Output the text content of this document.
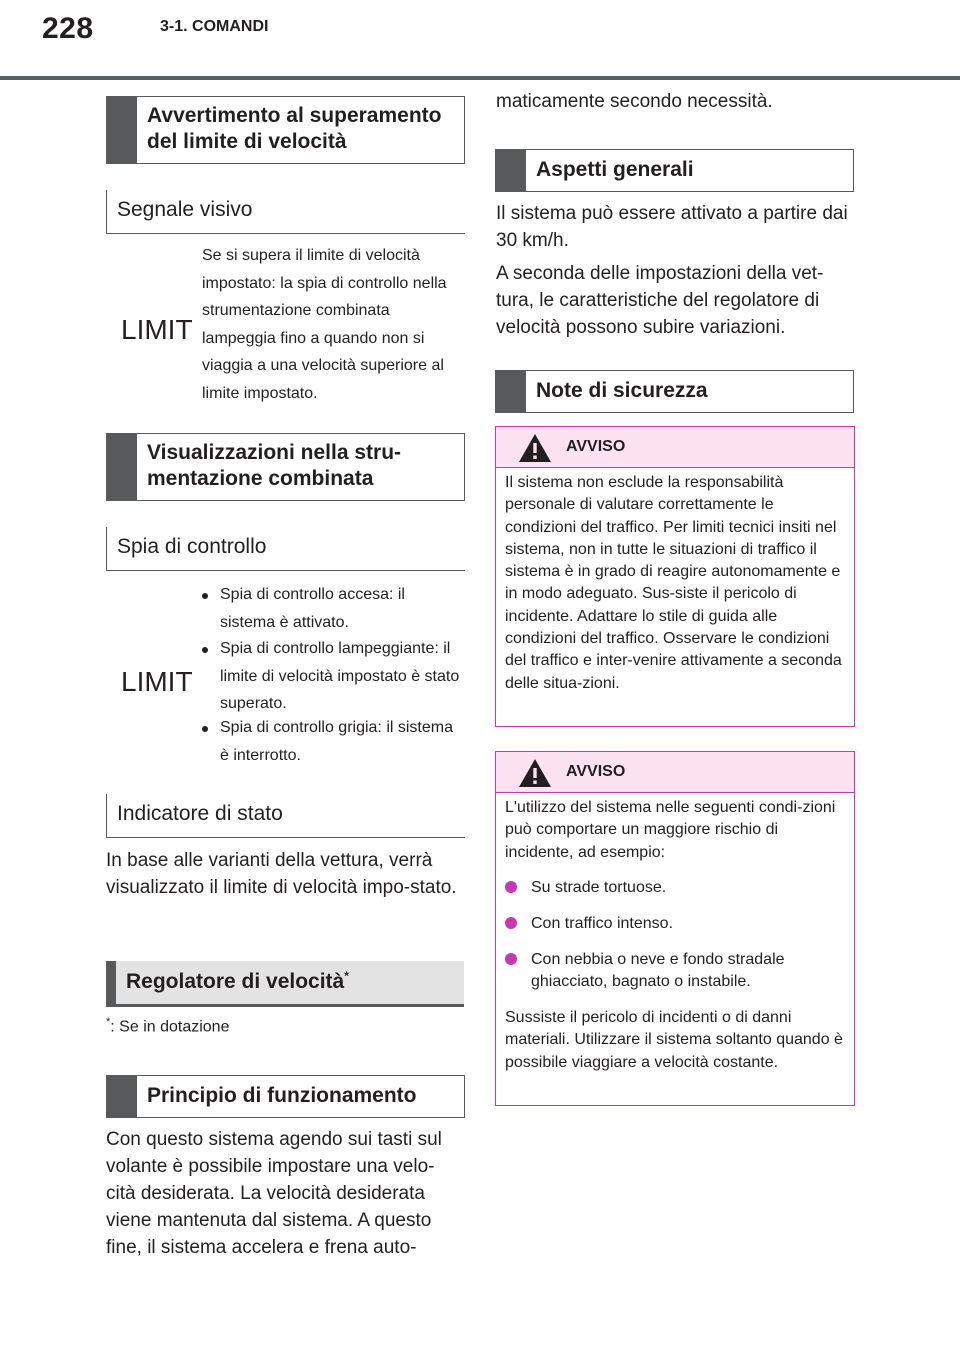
228	3-1. COMANDI
Avvertimento al superamento del limite di velocità
Segnale visivo
LIMIT
Se si supera il limite di velocità impostato: la spia di controllo nella strumentazione combinata lampeggia fino a quando non si viaggia a una velocità superiore al limite impostato.
Visualizzazioni nella stru-mentazione combinata
Spia di controllo
LIMIT
Spia di controllo accesa: il sistema è attivato.
Spia di controllo lampeggiante: il limite di velocità impostato è stato superato.
Spia di controllo grigia: il sistema è interrotto.
Indicatore di stato
In base alle varianti della vettura, verrà visualizzato il limite di velocità impo-stato.
Regolatore di velocità*
*: Se in dotazione
Principio di funzionamento
Con questo sistema agendo sui tasti sul volante è possibile impostare una velo-cità desiderata. La velocità desiderata viene mantenuta dal sistema. A questo fine, il sistema accelera e frena auto-
maticamente secondo necessità.
Aspetti generali
Il sistema può essere attivato a partire dai 30 km/h.
A seconda delle impostazioni della vet-tura, le caratteristiche del regolatore di velocità possono subire variazioni.
Note di sicurezza
AVVISO
Il sistema non esclude la responsabilità personale di valutare correttamente le condizioni del traffico. Per limiti tecnici insiti nel sistema, non in tutte le situazioni di traffico il sistema è in grado di reagire autonomamente e in modo adeguato. Sus-siste il pericolo di incidente. Adattare lo stile di guida alle condizioni del traffico. Osservare le condizioni del traffico e inter-venire attivamente a seconda delle situa-zioni.
AVVISO
L'utilizzo del sistema nelle seguenti condi-zioni può comportare un maggiore rischio di incidente, ad esempio:
Su strade tortuose.
Con traffico intenso.
Con nebbia o neve e fondo stradale ghiacciato, bagnato o instabile.
Sussiste il pericolo di incidenti o di danni materiali. Utilizzare il sistema soltanto quando è possibile viaggiare a velocità costante.
